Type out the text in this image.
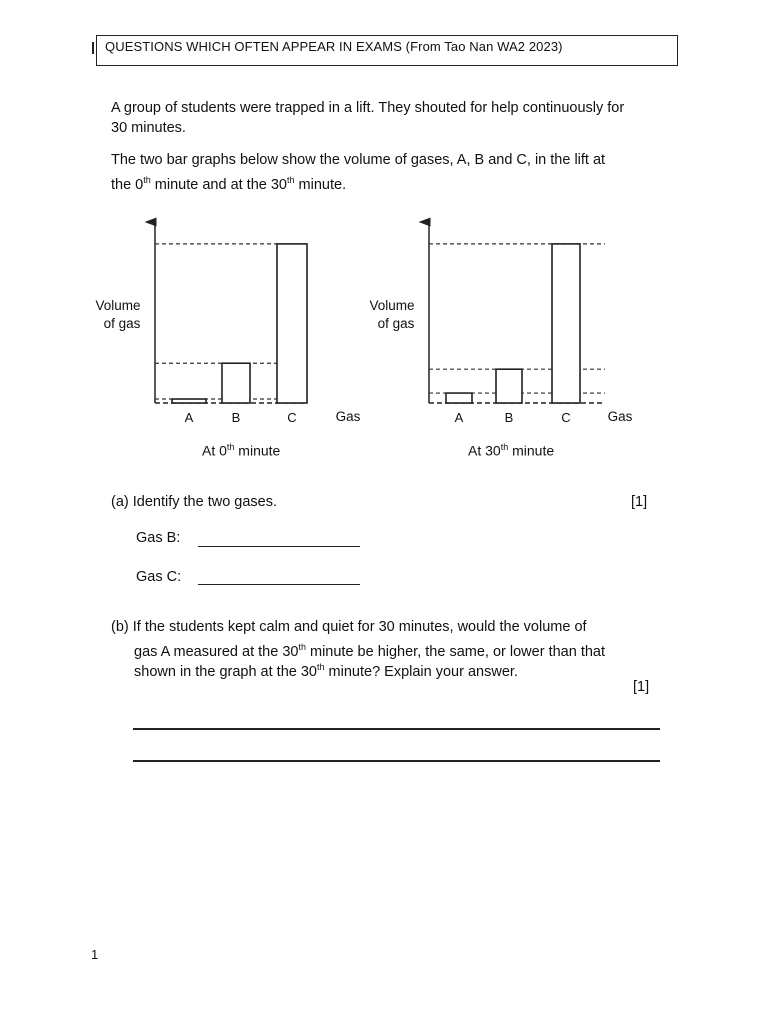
QUESTIONS WHICH OFTEN APPEAR IN EXAMS (From Tao Nan WA2 2023)
A group of students were trapped in a lift. They shouted for help continuously for
30 minutes.
The two bar graphs below show the volume of gases, A, B and C, in the lift at
the 0th minute and at the 30th minute.
A	B	C
Volume
of gas
Gas	A	B	C
Volume
of gas
Gas
At 0th minute	At 30th minute
(a) Identify the two gases.	[1]
Gas B:
Gas C:
(b) If the students kept calm and quiet for 30 minutes, would the volume of
gas A measured at the 30th minute be higher, the same, or lower than that
shown in the graph at the 30th minute? Explain your answer.
[1]
1
